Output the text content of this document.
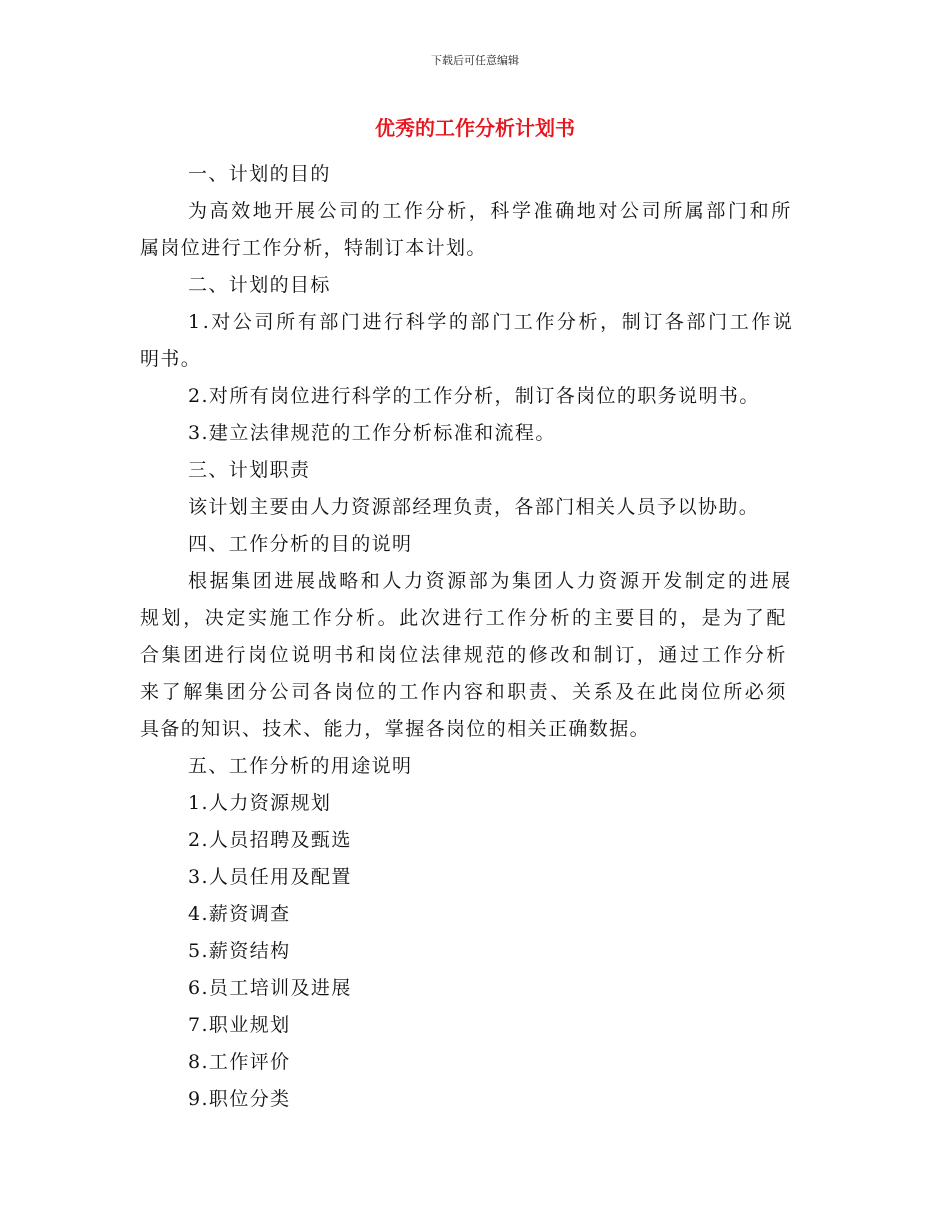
下载后可任意编辑
优秀的工作分析计划书
一、计划的目的
为高效地开展公司的工作分析，科学准确地对公司所属部门和所
属岗位进行工作分析，特制订本计划。
二、计划的目标
1.对公司所有部门进行科学的部门工作分析，制订各部门工作说
明书。
2.对所有岗位进行科学的工作分析，制订各岗位的职务说明书。
3.建立法律规范的工作分析标准和流程。
三、计划职责
该计划主要由人力资源部经理负责，各部门相关人员予以协助。
四、工作分析的目的说明
根据集团进展战略和人力资源部为集团人力资源开发制定的进展
规划，决定实施工作分析。此次进行工作分析的主要目的，是为了配
合集团进行岗位说明书和岗位法律规范的修改和制订，通过工作分析
来了解集团分公司各岗位的工作内容和职责、关系及在此岗位所必须
具备的知识、技术、能力，掌握各岗位的相关正确数据。
五、工作分析的用途说明
1.人力资源规划
2.人员招聘及甄选
3.人员任用及配置
4.薪资调查
5.薪资结构
6.员工培训及进展
7.职业规划
8.工作评价
9.职位分类
